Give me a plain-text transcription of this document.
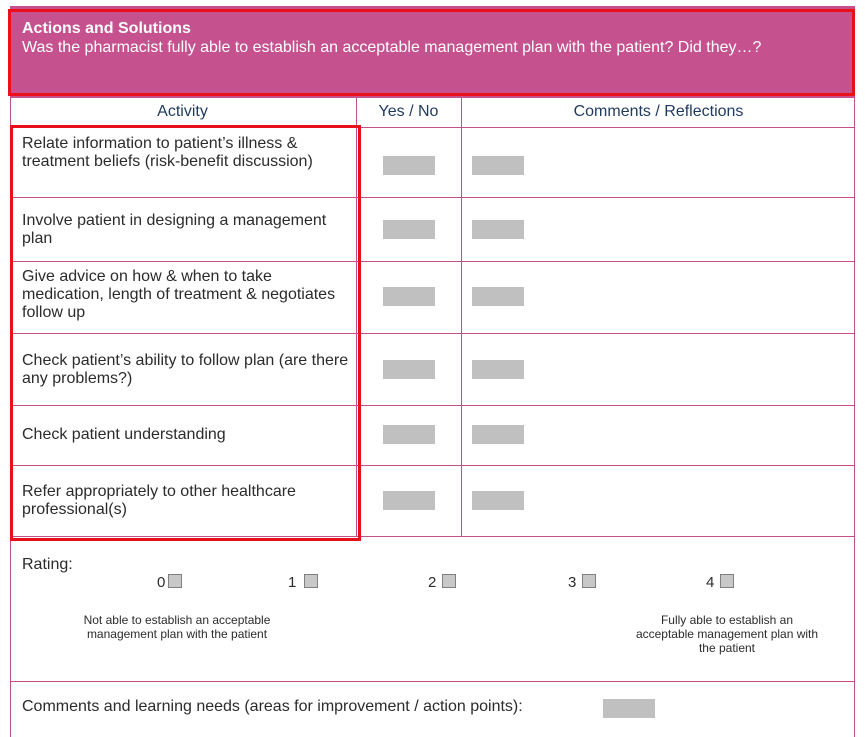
Actions and Solutions
Was the pharmacist fully able to establish an acceptable management plan with the patient? Did they…?
Activity	Yes / No	Comments / Reflections
Relate information to patient’s illness & treatment beliefs (risk-benefit discussion)
Involve patient in designing a management plan
Give advice on how & when to take medication, length of treatment & negotiates follow up
Check patient’s ability to follow plan (are there any problems?)
Check patient understanding
Refer appropriately to other healthcare professional(s)
Rating:
0	1	2	3	4
Not able to establish an acceptable management plan with the patient
Fully able to establish an acceptable management plan with the patient
Comments and learning needs (areas for improvement / action points):
